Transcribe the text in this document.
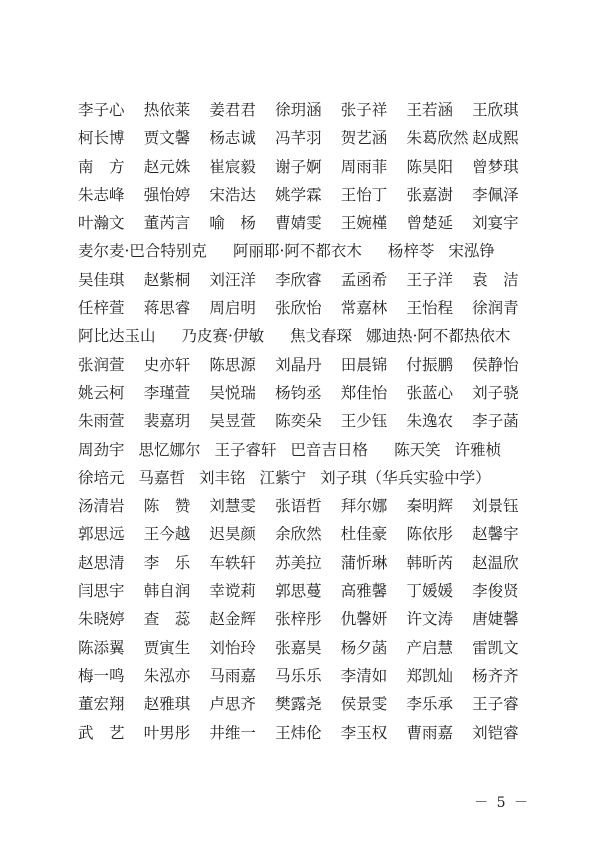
李子心 热依莱 姜君君 徐玥涵 张子祥 王若涵 王欣琪
柯长博 贾文馨 杨志诚 冯芊羽 贺艺涵 朱葛欣然 赵成熙
南　方 赵元姝 崔宸毅 谢子婀 周雨菲 陈昊阳 曾梦琪
朱志峰 强怡婷 宋浩达 姚学霖 王怡丁 张嘉澍 李佩泽
叶瀚文 董芮言 喻　杨 曹婧雯 王婉槿 曾楚延 刘宴宇
麦尔麦·巴合特别克 阿丽耶·阿不都衣木 杨梓苓 宋泓铮
吴佳琪 赵紫桐 刘汪洋 李欣睿 孟函希 王子洋 袁　洁
任梓萱 蒋思睿 周启明 张欣怡 常嘉林 王怡程 徐润青
阿比达玉山 乃皮赛·伊敏 焦戈春琛 娜迪热·阿不都热依木
张润萱 史亦轩 陈思源 刘晶丹 田晨锦 付振鹏 侯静怡
姚云柯 李瑾萱 吴悦瑞 杨钧丞 郑佳怡 张蓝心 刘子骁
朱雨萱 裴嘉玥 吴昱萱 陈奕朵 王少钰 朱逸农 李子菡
周劲宇 思忆娜尔 王子睿轩 巴音吉日格 陈天笑 许雅桢
徐培元 马嘉哲 刘丰铭 江紫宁 刘子琪（华兵实验中学）
汤清岩 陈　赞 刘慧雯 张语哲 拜尔娜 秦明辉 刘景钰
郭思远 王今越 迟昊颜 余欣然 杜佳豪 陈依彤 赵馨宇
赵思清 李　乐 车轶轩 苏美拉 蒲忻琳 韩昕芮 赵温欣
闫思宇 韩自润 幸谠莉 郭思蔓 高雅馨 丁媛媛 李俊贤
朱晓婷 查　蕊 赵金辉 张梓彤 仇馨妍 许文涛 唐婕馨
陈添翼 贾寅生 刘怡玲 张嘉昊 杨夕菡 产启慧 雷凯文
梅一鸣 朱泓亦 马雨嘉 马乐乐 李清如 郑凯灿 杨齐齐
董宏翔 赵雅琪 卢思齐 樊露尧 侯景雯 李乐承 王子睿
武　艺 叶男彤 井维一 王炜伦 李玉权 曹雨嘉 刘铠睿
－ 5 －
